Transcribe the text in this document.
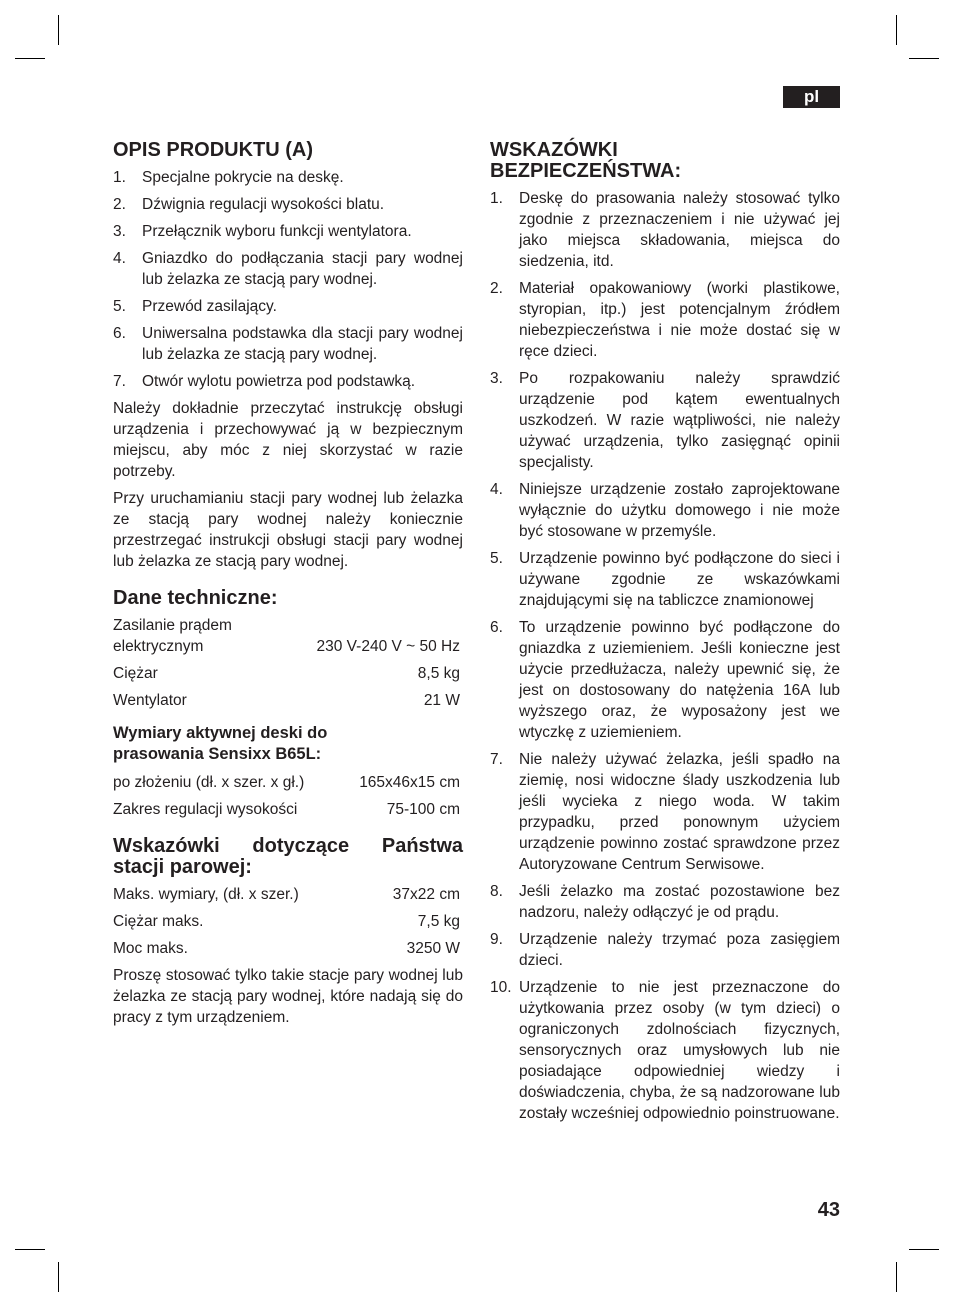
pl
OPIS PRODUKTU (A)
1. Specjalne pokrycie na deskę.
2. Dźwignia regulacji wysokości blatu.
3. Przełącznik wyboru funkcji wentylatora.
4. Gniazdko do podłączania stacji pary wodnej lub żelazka ze stacją pary wodnej.
5. Przewód zasilający.
6. Uniwersalna podstawka dla stacji pary wodnej lub żelazka ze stacją pary wodnej.
7. Otwór wylotu powietrza pod podstawką.

Należy dokładnie przeczytać instrukcję obsługi urządzenia i przechowywać ją w bezpiecznym miejscu, aby móc z niej skorzystać w razie potrzeby.

Przy uruchamianiu stacji pary wodnej lub żelazka ze stacją pary wodnej należy koniecznie przestrzegać instrukcji obsługi stacji pary wodnej lub żelazka ze stacją pary wodnej.

Dane techniczne:
Zasilanie prądem elektrycznym	230 V-240 V ~ 50 Hz
Ciężar	8,5 kg
Wentylator	21 W
Wymiary aktywnej deski do prasowania Sensixx B65L:
po złożeniu (dł. x szer. x gł.)	165x46x15 cm
Zakres regulacji wysokości	75-100 cm
Wskazówki dotyczące Państwa stacji parowej:
Maks. wymiary, (dł. x szer.)	37x22 cm
Ciężar maks.	7,5 kg
Moc maks.	3250 W

Proszę stosować tylko takie stacje pary wodnej lub żelazka ze stacją pary wodnej, które nadają się do pracy z tym urządzeniem.

WSKAZÓWKI BEZPIECZEŃSTWA:
1. Deskę do prasowania należy stosować tylko zgodnie z przeznaczeniem i nie używać jej jako miejsca składowania, miejsca do siedzenia, itd.
2. Materiał opakowaniowy (worki plastikowe, styropian, itp.) jest potencjalnym źródłem niebezpieczeństwa i nie może dostać się w ręce dzieci.
3. Po rozpakowaniu należy sprawdzić urządzenie pod kątem ewentualnych uszkodzeń. W razie wątpliwości, nie należy używać urządzenia, tylko zasięgnąć opinii specjalisty.
4. Niniejsze urządzenie zostało zaprojektowane wyłącznie do użytku domowego i nie może być stosowane w przemyśle.
5. Urządzenie powinno być podłączone do sieci i używane zgodnie ze wskazówkami znajdującymi się na tabliczce znamionowej
6. To urządzenie powinno być podłączone do gniazdka z uziemieniem. Jeśli konieczne jest użycie przedłużacza, należy upewnić się, że jest on dostosowany do natężenia 16A lub wyższego oraz, że wyposażony jest we wtyczkę z uziemieniem.
7. Nie należy używać żelazka, jeśli spadło na ziemię, nosi widoczne ślady uszkodzenia lub jeśli wycieka z niego woda. W takim przypadku, przed ponownym użyciem urządzenie powinno zostać sprawdzone przez Autoryzowane Centrum Serwisowe.
8. Jeśli żelazko ma zostać pozostawione bez nadzoru, należy odłączyć je od prądu.
9. Urządzenie należy trzymać poza zasięgiem dzieci.
10. Urządzenie to nie jest przeznaczone do użytkowania przez osoby (w tym dzieci) o ograniczonych zdolnościach fizycznych, sensorycznych oraz umysłowych lub nie posiadające odpowiedniej wiedzy i doświadczenia, chyba, że są nadzorowane lub zostały wcześniej odpowiednio poinstruowane.
43
